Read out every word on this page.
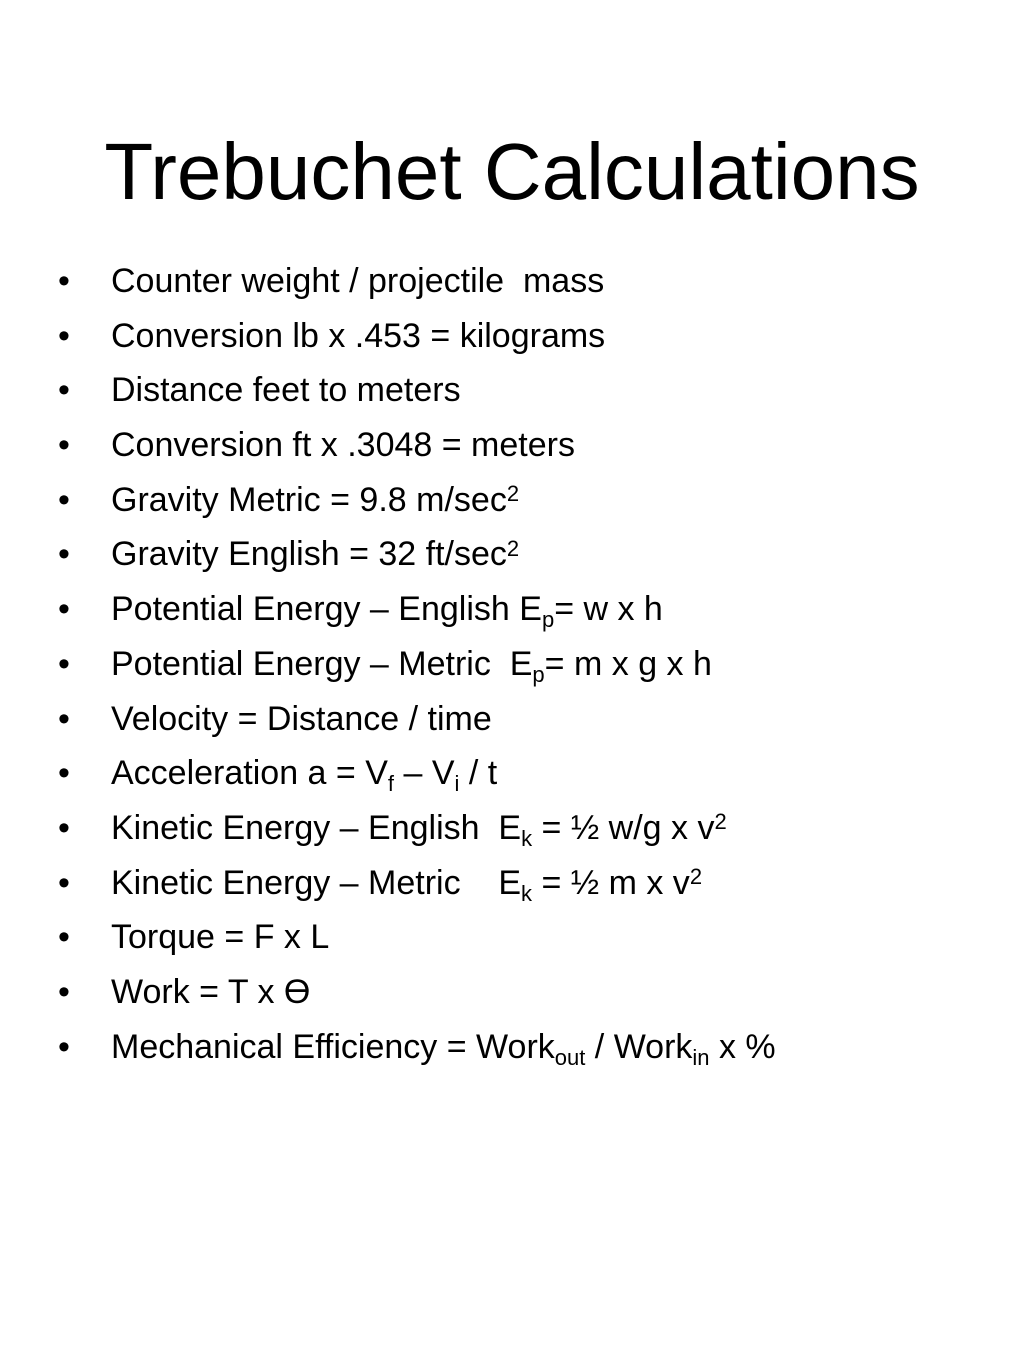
Trebuchet Calculations
• Counter weight / projectile  mass
• Conversion lb x .453 = kilograms
• Distance feet to meters
• Conversion ft x .3048 = meters
• Gravity Metric = 9.8 $m/\sec^2$
• Gravity English = 32 $ft/\sec^2$
• Potential Energy – English $E_p= w$ x h
• Potential Energy – Metric  $E_p= m$ x g x h
• Velocity = Distance / time
• Acceleration $a = V_f - V_i / t$
• Kinetic Energy – English  $E_k$ = ½ w/g x $v^2$
• Kinetic Energy – Metric    $E_k$ = ½ m x $v^2$
• Torque = F x L
• Work = T x Ө
• Mechanical Efficiency = Work$_{out}$ / Work$_{in}$ x %
